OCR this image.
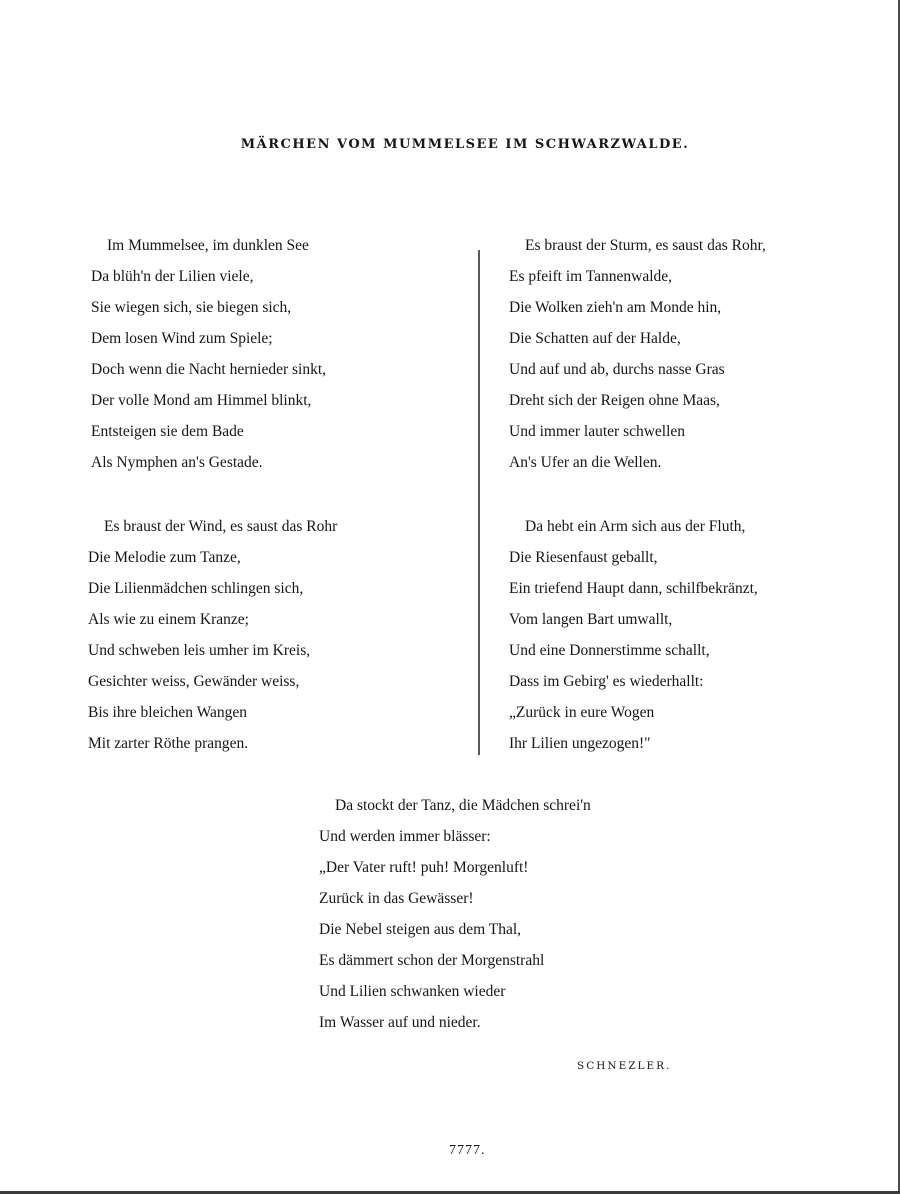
MÄRCHEN VOM MUMMELSEE IM SCHWARZWALDE.
Im Mummelsee, im dunklen See
Da blüh'n der Lilien viele,
Sie wiegen sich, sie biegen sich,
Dem losen Wind zum Spiele;
Doch wenn die Nacht hernieder sinkt,
Der volle Mond am Himmel blinkt,
Entsteigen sie dem Bade
Als Nymphen an's Gestade.
Es braust der Sturm, es saust das Rohr,
Es pfeift im Tannenwalde,
Die Wolken zieh'n am Monde hin,
Die Schatten auf der Halde,
Und auf und ab, durchs nasse Gras
Dreht sich der Reigen ohne Maas,
Und immer lauter schwellen
An's Ufer an die Wellen.
Es braust der Wind, es saust das Rohr
Die Melodie zum Tanze,
Die Lilienmädchen schlingen sich,
Als wie zu einem Kranze;
Und schweben leis umher im Kreis,
Gesichter weiss, Gewänder weiss,
Bis ihre bleichen Wangen
Mit zarter Röthe prangen.
Da hebt ein Arm sich aus der Fluth,
Die Riesenfaust geballt,
Ein triefend Haupt dann, schilfbekränzt,
Vom langen Bart umwallt,
Und eine Donnerstimme schallt,
Dass im Gebirg' es wiederhallt:
„Zurück in eure Wogen
Ihr Lilien ungezogen!"
Da stockt der Tanz, die Mädchen schrei'n
Und werden immer blässer:
„Der Vater ruft! puh! Morgenluft!
Zurück in das Gewässer!
Die Nebel steigen aus dem Thal,
Es dämmert schon der Morgenstrahl
Und Lilien schwanken wieder
Im Wasser auf und nieder.
SCHNEZLER.
7777.
